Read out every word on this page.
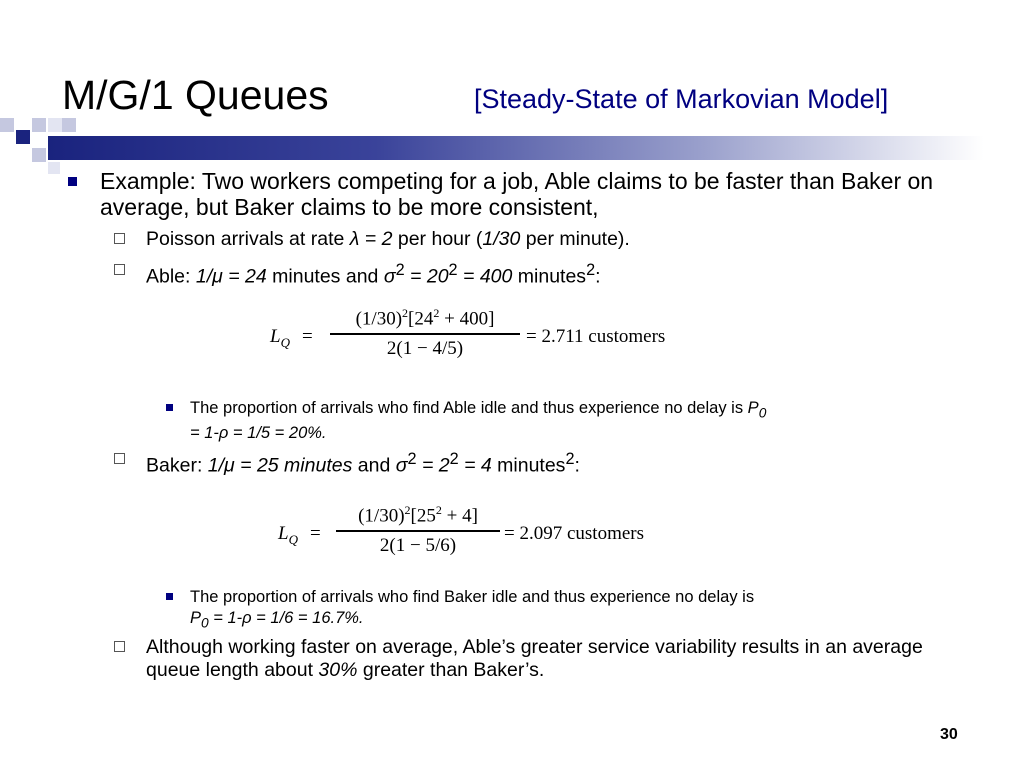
M/G/1 Queues	[Steady-State of Markovian Model]
Example: Two workers competing for a job, Able claims to be faster than Baker on average, but Baker claims to be more consistent,
Poisson arrivals at rate λ = 2 per hour (1/30 per minute).
Able: 1/μ = 24 minutes and $\sigma^2 = 20^2 = 400$ minutes$^2$:
$L_Q$ =
$(1/30)^2[24^2 + 400]$
2(1 − 4/5)
= 2.711 customers
The proportion of arrivals who find Able idle and thus experience no delay is $P_0$
= 1-ρ = 1/5 = 20%.
Baker: 1/μ = 25 minutes and $\sigma^2 = 2^2 = 4$ minutes$^2$:
$L_Q$ =
$(1/30)^2[25^2 + 4]$
2(1 − 5/6)
= 2.097 customers
The proportion of arrivals who find Baker idle and thus experience no delay is
$P_0 = 1-\rho = 1/6 = 16.7\%$.
Although working faster on average, Able’s greater service variability results in an average queue length about 30% greater than Baker’s.
30
